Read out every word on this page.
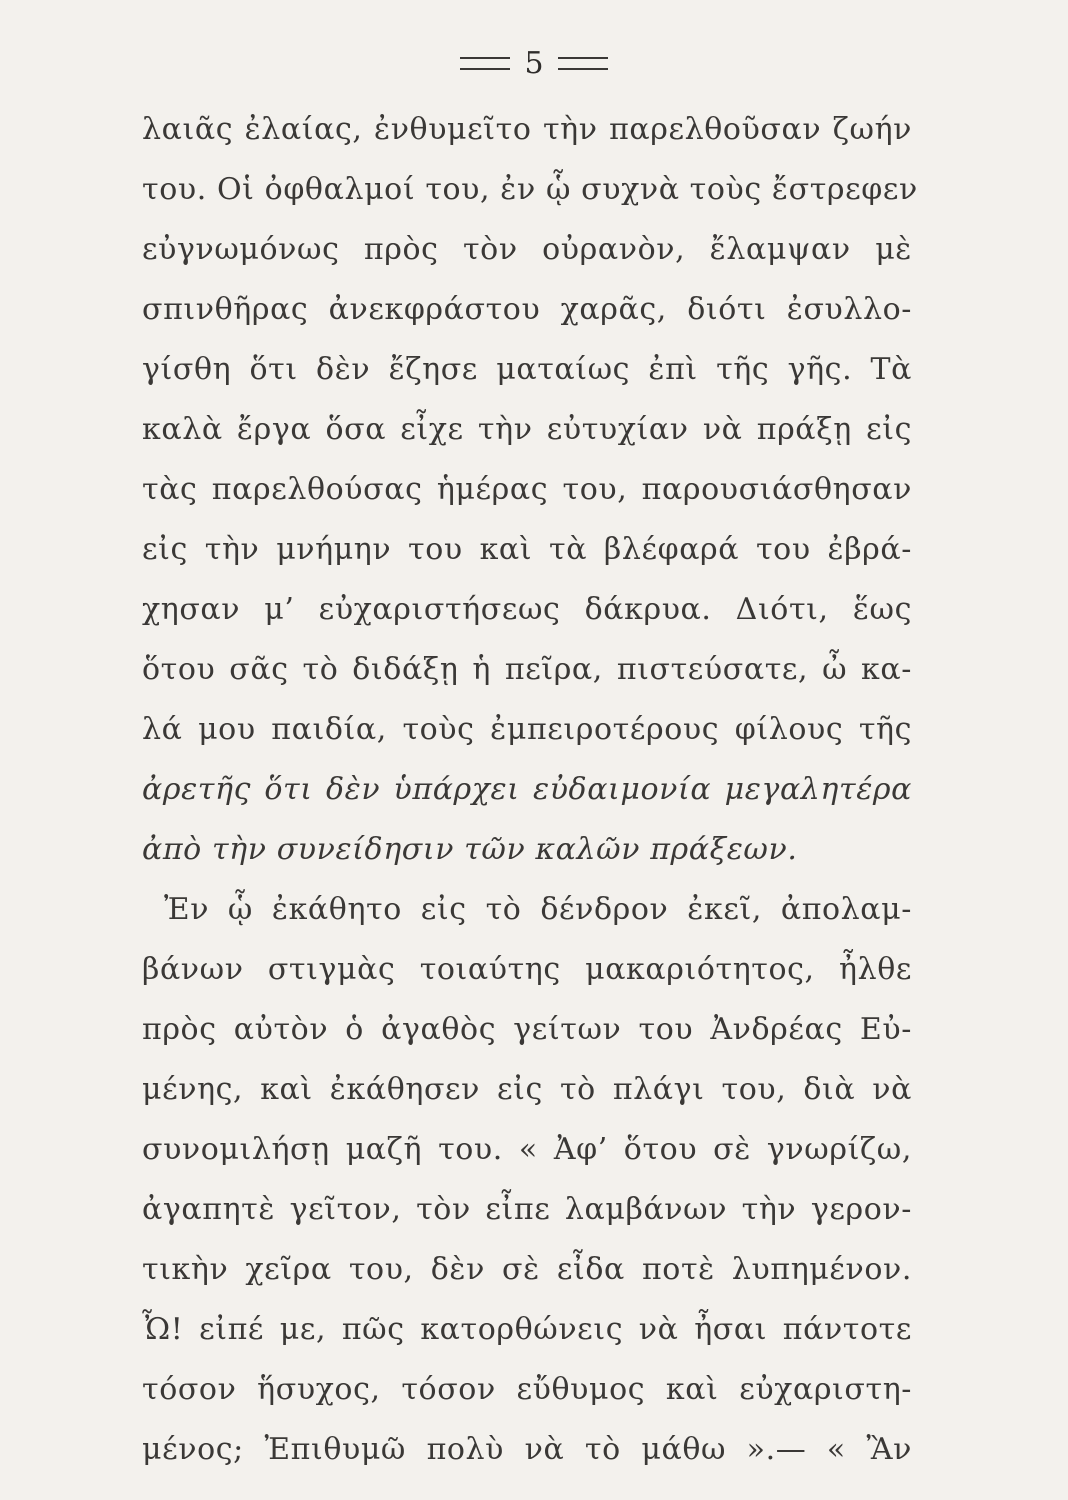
5
λαιᾶς ἐλαίας, ἐνθυμεῖτο τὴν παρελθοῦσαν ζωήν
του. Οἱ ὀφθαλμοί του, ἐν ᾧ συχνὰ τοὺς ἔστρεφεν
εὐγνωμόνως πρὸς τὸν οὐρανὸν, ἔλαμψαν μὲ
σπινθῆρας ἀνεκφράστου χαρᾶς, διότι ἐσυλλο-
γίσθη ὅτι δὲν ἔζησε ματαίως ἐπὶ τῆς γῆς. Τὰ
καλὰ ἔργα ὅσα εἶχε τὴν εὐτυχίαν νὰ πράξῃ εἰς
τὰς παρελθούσας ἡμέρας του, παρουσιάσθησαν
εἰς τὴν μνήμην του καὶ τὰ βλέφαρά του ἐβρά-
χησαν μ’ εὐχαριστήσεως δάκρυα. Διότι, ἕως
ὅτου σᾶς τὸ διδάξῃ ἡ πεῖρα, πιστεύσατε, ὦ κα-
λά μου παιδία, τοὺς ἐμπειροτέρους φίλους τῆς
ἀρετῆς ὅτι δὲν ὑπάρχει εὐδαιμονία μεγαλητέρα
ἀπὸ τὴν συνείδησιν τῶν καλῶν πράξεων.
Ἐν ᾧ ἐκάθητο εἰς τὸ δένδρον ἐκεῖ, ἀπολαμ-
βάνων στιγμὰς τοιαύτης μακαριότητος, ἦλθε
πρὸς αὐτὸν ὁ ἀγαθὸς γείτων του Ἀνδρέας Εὐ-
μένης, καὶ ἐκάθησεν εἰς τὸ πλάγι του, διὰ νὰ
συνομιλήσῃ μαζῆ του. « Ἀφ’ ὅτου σὲ γνωρίζω,
ἀγαπητὲ γεῖτον, τὸν εἶπε λαμβάνων τὴν γερον-
τικὴν χεῖρα του, δὲν σὲ εἶδα ποτὲ λυπημένον.
Ὦ! εἰπέ με, πῶς κατορθώνεις νὰ ἦσαι πάντοτε
τόσον ἥσυχος, τόσον εὔθυμος καὶ εὐχαριστη-
μένος; Ἐπιθυμῶ πολὺ νὰ τὸ μάθω ».— « Ἂν
